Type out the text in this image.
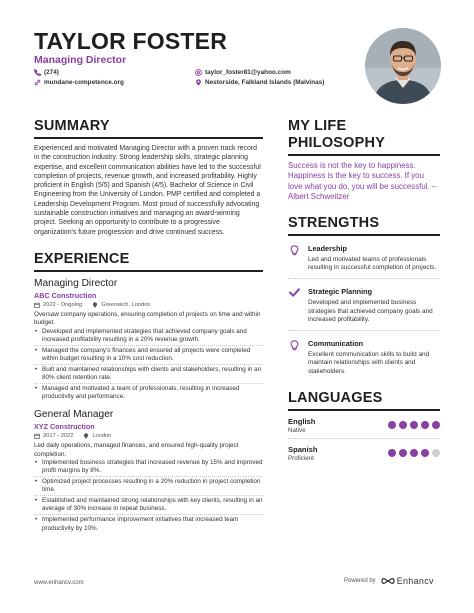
TAYLOR FOSTER
Managing Director
(274)	taylor_foster81@yahoo.com
mundane-competence.org	Nestorside, Falkland Islands (Malvinas)
SUMMARY
Experienced and motivated Managing Director with a proven track record in the construction industry. Strong leadership skills, strategic planning expertise, and excellent communication abilities have led to the successful completion of projects, revenue growth, and increased profitability. Highly proficient in English (5/5) and Spanish (4/5). Bachelor of Science in Civil Engineering from the University of London. PMP certified and completed a Leadership Development Program. Most proud of successfully advocating sustainable construction initiatives and managing an award-winning project. Seeking an opportunity to contribute to a progressive organization's future progression and drive continued success.
EXPERIENCE
Managing Director
ABC Construction
2022 - Ongoing	Greenwich, London
Oversaw company operations, ensuring completion of projects on time and within budget.
• Developed and implemented strategies that achieved company goals and increased profitability resulting in a 20% revenue growth.
• Managed the company's finances and ensured all projects were completed within budget resulting in a 10% cost reduction.
• Built and maintained relationships with clients and stakeholders, resulting in an 80% client retention rate.
• Managed and motivated a team of professionals, resulting in increased productivity and performance.
General Manager
XYZ Construction
2017 - 2022	London
Led daily operations, managed finances, and ensured high-quality project completion.
• Implemented business strategies that increased revenue by 15% and improved profit margins by 8%.
• Optimized project processes resulting in a 20% reduction in project completion time.
• Established and maintained strong relationships with key clients, resulting in an average of 30% increase in repeat business.
• Implemented performance improvement initiatives that increased team productivity by 10%.
MY LIFE PHILOSOPHY
Success is not the key to happiness. Happiness is the key to success. If you love what you do, you will be successful. – Albert Schweitzer
STRENGTHS
Leadership
Led and motivated teams of professionals resulting in successful completion of projects.
Strategic Planning
Developed and implemented business strategies that achieved company goals and increased profitability.
Communication
Excellent communication skills to build and maintain relationships with clients and stakeholders.
LANGUAGES
English
Native
Spanish
Proficient
www.enhancv.com	Powered by Enhancv
